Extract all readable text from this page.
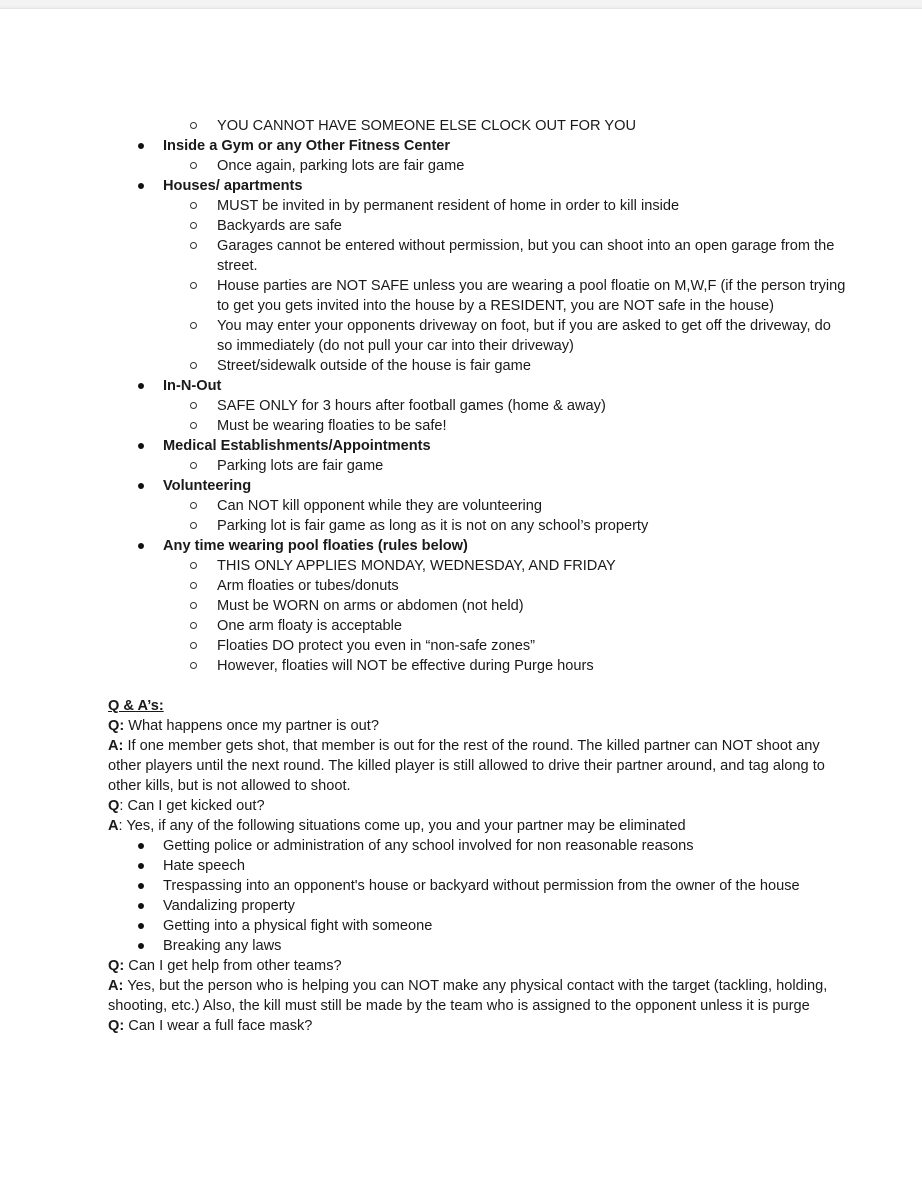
YOU CANNOT HAVE SOMEONE ELSE CLOCK OUT FOR YOU
Inside a Gym or any Other Fitness Center
Once again, parking lots are fair game
Houses/ apartments
MUST be invited in by permanent resident of home in order to kill inside
Backyards are safe
Garages cannot be entered without permission, but you can shoot into an open garage from the street.
House parties are NOT SAFE unless you are wearing a pool floatie on M,W,F (if the person trying to get you gets invited into the house by a RESIDENT, you are NOT safe in the house)
You may enter your opponents driveway on foot, but if you are asked to get off the driveway, do so immediately (do not pull your car into their driveway)
Street/sidewalk outside of the house is fair game
In-N-Out
SAFE ONLY for 3 hours after football games (home & away)
Must be wearing floaties to be safe!
Medical Establishments/Appointments
Parking lots are fair game
Volunteering
Can NOT kill opponent while they are volunteering
Parking lot is fair game as long as it is not on any school’s property
Any time wearing pool floaties (rules below)
THIS ONLY APPLIES MONDAY, WEDNESDAY, AND FRIDAY
Arm floaties or tubes/donuts
Must be WORN on arms or abdomen (not held)
One arm floaty is acceptable
Floaties DO protect you even in “non-safe zones”
However, floaties will NOT be effective during Purge hours
Q & A’s:
Q: What happens once my partner is out?
A: If one member gets shot, that member is out for the rest of the round. The killed partner can NOT shoot any other players until the next round. The killed player is still allowed to drive their partner around, and tag along to other kills, but is not allowed to shoot.
Q: Can I get kicked out?
A: Yes, if any of the following situations come up, you and your partner may be eliminated
Getting police or administration of any school involved for non reasonable reasons
Hate speech
Trespassing into an opponent's house or backyard without permission from the owner of the house
Vandalizing property
Getting into a physical fight with someone
Breaking any laws
Q: Can I get help from other teams?
A: Yes, but the person who is helping you can NOT make any physical contact with the target (tackling, holding, shooting, etc.) Also, the kill must still be made by the team who is assigned to the opponent unless it is purge
Q: Can I wear a full face mask?
